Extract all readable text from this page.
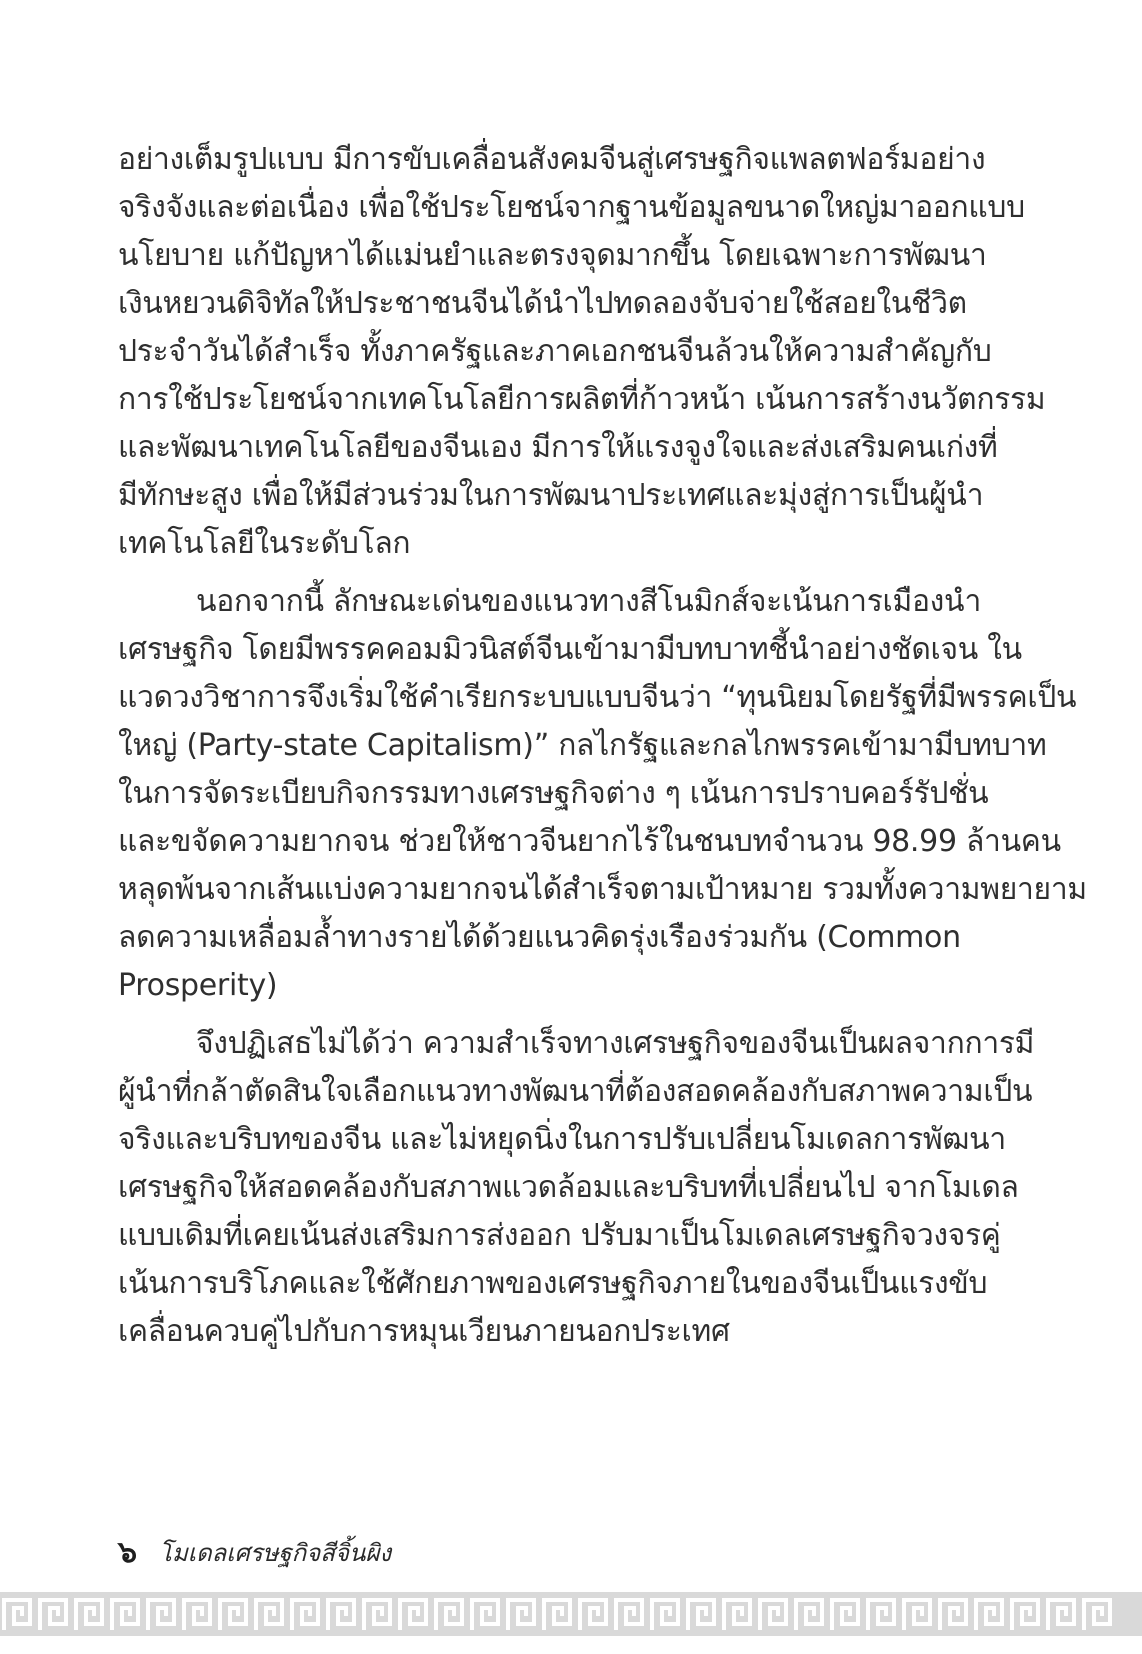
อย่างเต็มรูปแบบ มีการขับเคลื่อนสังคมจีนสู่เศรษฐกิจแพลตฟอร์มอย่าง
จริงจังและต่อเนื่อง เพื่อใช้ประโยชน์จากฐานข้อมูลขนาดใหญ่มาออกแบบ
นโยบาย แก้ปัญหาได้แม่นยำและตรงจุดมากขึ้น โดยเฉพาะการพัฒนา
เงินหยวนดิจิทัลให้ประชาชนจีนได้นำไปทดลองจับจ่ายใช้สอยในชีวิต
ประจำวันได้สำเร็จ ทั้งภาครัฐและภาคเอกชนจีนล้วนให้ความสำคัญกับ
การใช้ประโยชน์จากเทคโนโลยีการผลิตที่ก้าวหน้า เน้นการสร้างนวัตกรรม
และพัฒนาเทคโนโลยีของจีนเอง มีการให้แรงจูงใจและส่งเสริมคนเก่งที่
มีทักษะสูง เพื่อให้มีส่วนร่วมในการพัฒนาประเทศและมุ่งสู่การเป็นผู้นำ
เทคโนโลยีในระดับโลก
นอกจากนี้ ลักษณะเด่นของแนวทางสีโนมิกส์จะเน้นการเมืองนำ
เศรษฐกิจ โดยมีพรรคคอมมิวนิสต์จีนเข้ามามีบทบาทชี้นำอย่างชัดเจน ใน
แวดวงวิชาการจึงเริ่มใช้คำเรียกระบบแบบจีนว่า “ทุนนิยมโดยรัฐที่มีพรรคเป็น
ใหญ่ (Party-state Capitalism)” กลไกรัฐและกลไกพรรคเข้ามามีบทบาท
ในการจัดระเบียบกิจกรรมทางเศรษฐกิจต่าง ๆ เน้นการปราบคอร์รัปชั่น
และขจัดความยากจน ช่วยให้ชาวจีนยากไร้ในชนบทจำนวน 98.99 ล้านคน
หลุดพ้นจากเส้นแบ่งความยากจนได้สำเร็จตามเป้าหมาย รวมทั้งความพยายาม
ลดความเหลื่อมล้ำทางรายได้ด้วยแนวคิดรุ่งเรืองร่วมกัน (Common
Prosperity)
จึงปฏิเสธไม่ได้ว่า ความสำเร็จทางเศรษฐกิจของจีนเป็นผลจากการมี
ผู้นำที่กล้าตัดสินใจเลือกแนวทางพัฒนาที่ต้องสอดคล้องกับสภาพความเป็น
จริงและบริบทของจีน และไม่หยุดนิ่งในการปรับเปลี่ยนโมเดลการพัฒนา
เศรษฐกิจให้สอดคล้องกับสภาพแวดล้อมและบริบทที่เปลี่ยนไป จากโมเดล
แบบเดิมที่เคยเน้นส่งเสริมการส่งออก ปรับมาเป็นโมเดลเศรษฐกิจวงจรคู่
เน้นการบริโภคและใช้ศักยภาพของเศรษฐกิจภายในของจีนเป็นแรงขับ
เคลื่อนควบคู่ไปกับการหมุนเวียนภายนอกประเทศ
๖ โมเดลเศรษฐกิจสีจิ้นผิง
